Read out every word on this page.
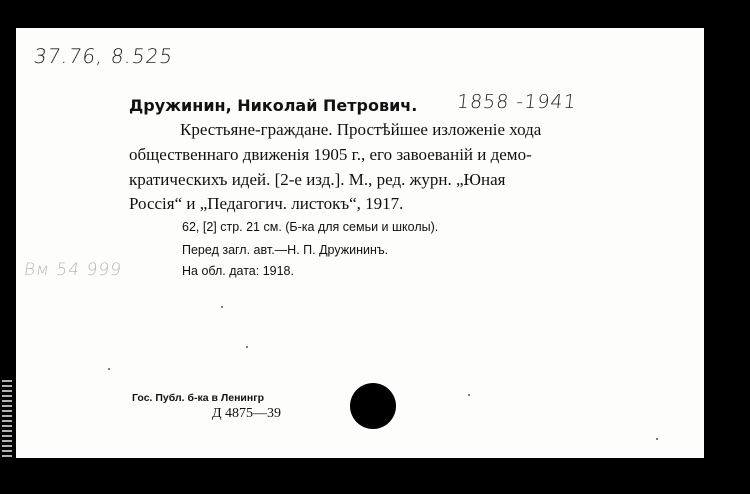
37.76, 8.525
Дружинин, Николай Петрович. 1858 -1941
Крестьяне-граждане. Простѣйшее изложенiе хода
общественнаго движенiя 1905 г., его завоеванiй и демо-
кратическихъ идей. [2-е изд.]. М., ред. журн. „Юная
Россiя“ и „Педагогич. листокъ“, 1917.
62, [2] стр. 21 см. (Б-ка для семьи и школы).
Перед загл. авт.—Н. П. Дружининъ.
На обл. дата: 1918.
Вм 54 999
Гос. Публ. б-ка в Ленингр
Д 4875—39
